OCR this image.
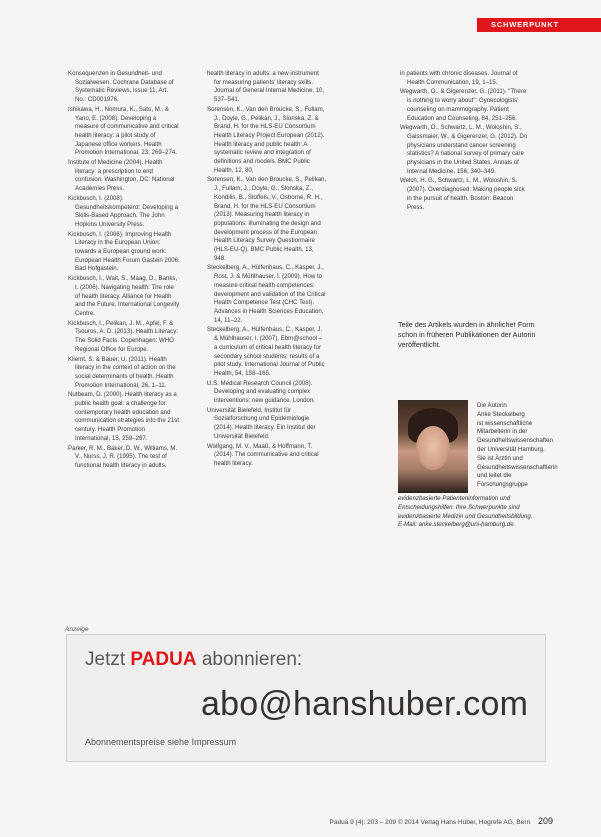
SCHWERPUNKT
Konsequenzen in Gesundheit- und Sozialwesen. Cochrane Database of Systematic Reviews, Issue 11, Art. No.: CD001976.
Ishikawa, H., Nomura, K., Sato, M., & Yano, E. (2008). Developing a measure of communicative and critical health literacy: a pilot study of Japanese office workers. Health Promotion International, 23, 269–274.
Institute of Medicine (2004). Health literacy: a prescription to end confusion. Washington, DC: National Academies Press.
Kickbusch, I. (2008). Gesundheitskompetenz: Developing a Skills-Based Approach. The John Hopkins University Press.
Kickbusch, I. (2006). Improving Health Literacy in the European Union: towards a European ground work. European Health Forum Gastein 2006. Bad Hofgastein.
Kickbusch, I., Wait, S., Maag, D., Banks, I. (2006). Navigating health: The role of health literacy. Alliance for Health and the Future, International Longevity Centre.
Kickbusch, I., Pelikan, J. M., Apfel, F. & Tsouros, A. D. (2013). Health Literacy: The Solid Facts. Copenhagen: WHO Regional Office for Europe.
Kliemt, S. & Bauer, U. (2011). Health literacy in the context of action on the social determinants of health. Health Promotion International, 26, 1–11.
Nutbeam, D. (2000). Health literacy as a public health goal: a challenge for contemporary health education and communication strategies into the 21st century. Health Promotion International, 15, 259–267.
Parker, R. M., Baker, D. W., Williams, M. V., Nurss, J. R. (1995). The test of functional health literacy in adults.
health literacy in adults: a new instrument for measuring patients' literacy skills. Journal of General Internal Medicine, 10, 537–541.
Sorensen, K., Van den Broucke, S., Fullam, J., Doyle, G., Pelikan, J., Slonska, Z. & Brand, H. for the HLS-EU Consortium Health Literacy Project European (2012). Health literacy and public health: A systematic review and integration of definitions and models. BMC Public Health, 12, 80.
Sorensen, K., Van den Broucke, S., Pelikan, J., Fullam, J., Doyle, G., Slonska, Z., Kondilis, B., Stoffels, V., Osborne, R. H., Brand, H. for the HLS-EU Consortium (2013). Measuring health literacy in populations: illuminating the design and development process of the European Health Literacy Survey Questionnaire (HLS-EU-Q). BMC Public Health, 13, 948.
Steckelberg, A., Hülfenhaus, C., Kasper, J., Rost, J. & Mühlhauser, I. (2009). How to measure critical health competences: development and validation of the Critical Health Competence Test (CHC Test). Advances in Health Sciences Education, 14, 11–22.
Steckelberg, A., Hülfenhaus, C., Kasper, J. & Mühlhauser, I. (2007). Ebm@school – a curriculum of critical health literacy for secondary school students: results of a pilot study. International Journal of Public Health, 54, 158–165.
U.S. Medical Research Council (2008). Developing and evaluating complex interventions: new guidance. London.
Universität Bielefeld, Institut für Sozialforschung und Epidemiologie (2014). Health literacy. Ein Institut der Universität Bielefeld.
Wolfgang, M. V., Maaß, & Hoffmann, T. (2014). The communicative and critical health literacy.
in patients with chronic diseases. Journal of Health Communication, 19, 1–15.
Wegwarth, O., & Gigerenzer, G. (2011). "There is nothing to worry about": Gynecologists' counseling on mammography. Patient Education and Counseling, 84, 251–256.
Wegwarth, O., Schwartz, L. M., Woloshin, S., Gaissmaier, W., & Gigerenzer, G. (2012). Do physicians understand cancer screening statistics? A national survey of primary care physicians in the United States. Annals of Internal Medicine, 156, 340–349.
Welch, H. G., Schwartz, L. M., Woloshin, S. (2007). Overdiagnosed: Making people sick in the pursuit of health. Boston: Beacon Press.
Teile des Artikels wurden in ähnlicher Form schon in früheren Publikationen der Autorin veröffentlicht.
Die Autorin
Anke Steckelberg
ist wissenschaftliche
Mitarbeiterin in der
Gesundheitswissenschaften
der Universität Hamburg.
Sie ist Ärztin und
Gesundheitswissenschaftlerin
und leitet die
Forschungsgruppe
evidenzbasierte Patienteninformation und Entscheidungshilfen. Ihre Schwerpunkte sind evidenzbasierte Medizin und Gesundheitsbildung. E-Mail: anke.steckelberg@uni-hamburg.de
Anzeige
Jetzt PADUA abonnieren:
abo@hanshuber.com
Abonnementspreise siehe Impressum
Padua 9 (4): 203 – 209 © 2014 Verlag Hans Huber, Hogrefe AG, Bern 209
